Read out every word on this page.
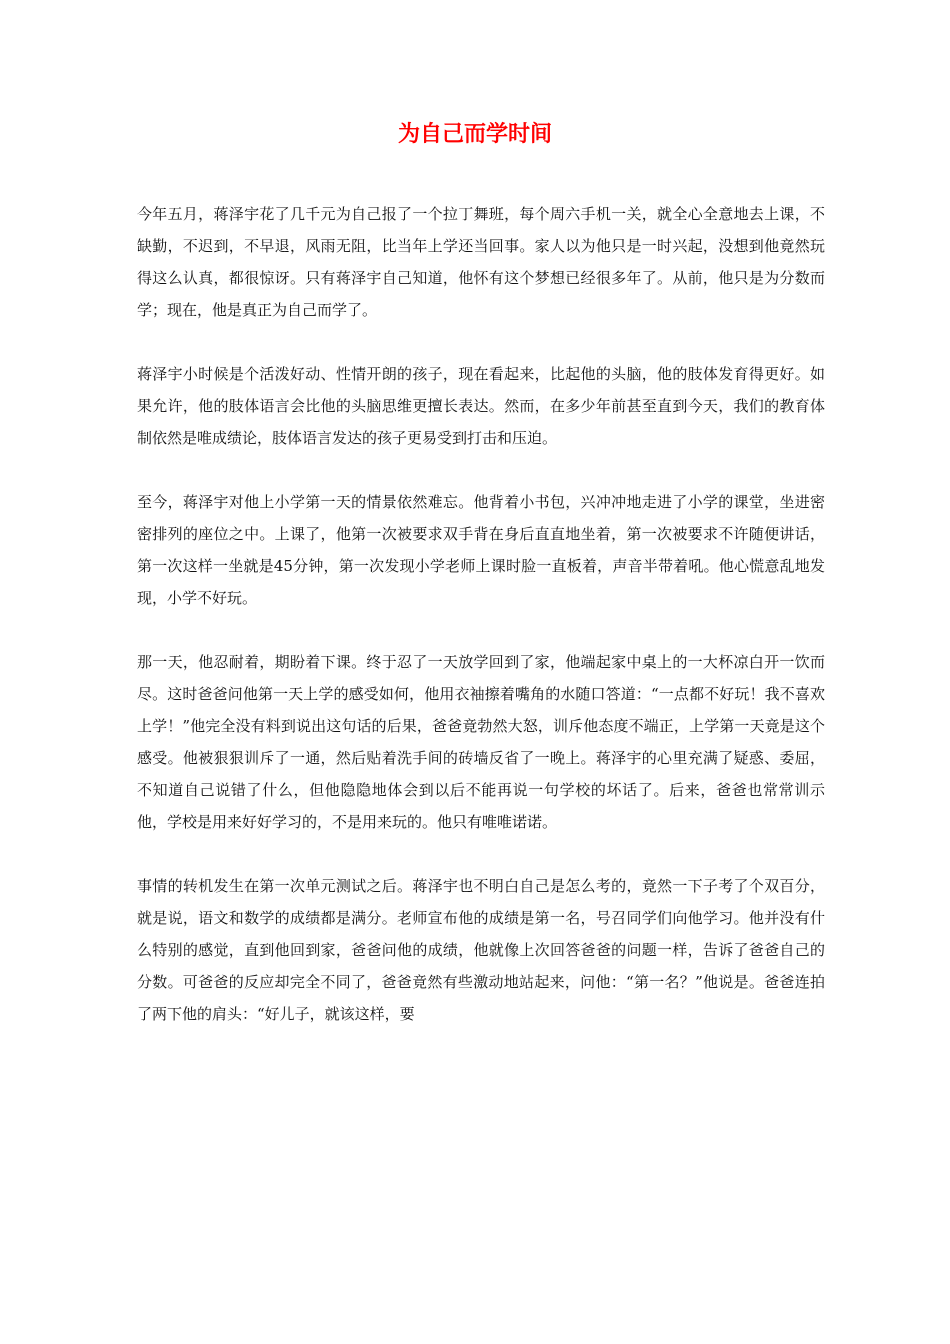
为自己而学时间

今年五月，蒋泽宇花了几千元为自己报了一个拉丁舞班，每个周六手机一关，就全心全意地去上课，不缺勤，不迟到，不早退，风雨无阻，比当年上学还当回事。家人以为他只是一时兴起，没想到他竟然玩得这么认真，都很惊讶。只有蒋泽宇自己知道，他怀有这个梦想已经很多年了。从前，他只是为分数而学；现在，他是真正为自己而学了。

蒋泽宇小时候是个活泼好动、性情开朗的孩子，现在看起来，比起他的头脑，他的肢体发育得更好。如果允许，他的肢体语言会比他的头脑思维更擅长表达。然而，在多少年前甚至直到今天，我们的教育体制依然是唯成绩论，肢体语言发达的孩子更易受到打击和压迫。

至今，蒋泽宇对他上小学第一天的情景依然难忘。他背着小书包，兴冲冲地走进了小学的课堂，坐进密密排列的座位之中。上课了，他第一次被要求双手背在身后直直地坐着，第一次被要求不许随便讲话，第一次这样一坐就是45分钟，第一次发现小学老师上课时脸一直板着，声音半带着吼。他心慌意乱地发现，小学不好玩。

那一天，他忍耐着，期盼着下课。终于忍了一天放学回到了家，他端起家中桌上的一大杯凉白开一饮而尽。这时爸爸问他第一天上学的感受如何，他用衣袖擦着嘴角的水随口答道：“一点都不好玩！我不喜欢上学！”他完全没有料到说出这句话的后果，爸爸竟勃然大怒，训斥他态度不端正，上学第一天竟是这个感受。他被狠狠训斥了一通，然后贴着洗手间的砖墙反省了一晚上。蒋泽宇的心里充满了疑惑、委屈，不知道自己说错了什么，但他隐隐地体会到以后不能再说一句学校的坏话了。后来，爸爸也常常训示他，学校是用来好好学习的，不是用来玩的。他只有唯唯诺诺。

事情的转机发生在第一次单元测试之后。蒋泽宇也不明白自己是怎么考的，竟然一下子考了个双百分，就是说，语文和数学的成绩都是满分。老师宣布他的成绩是第一名，号召同学们向他学习。他并没有什么特别的感觉，直到他回到家，爸爸问他的成绩，他就像上次回答爸爸的问题一样，告诉了爸爸自己的分数。可爸爸的反应却完全不同了，爸爸竟然有些激动地站起来，问他：“第一名？”他说是。爸爸连拍了两下他的肩头：“好儿子，就该这样，要
